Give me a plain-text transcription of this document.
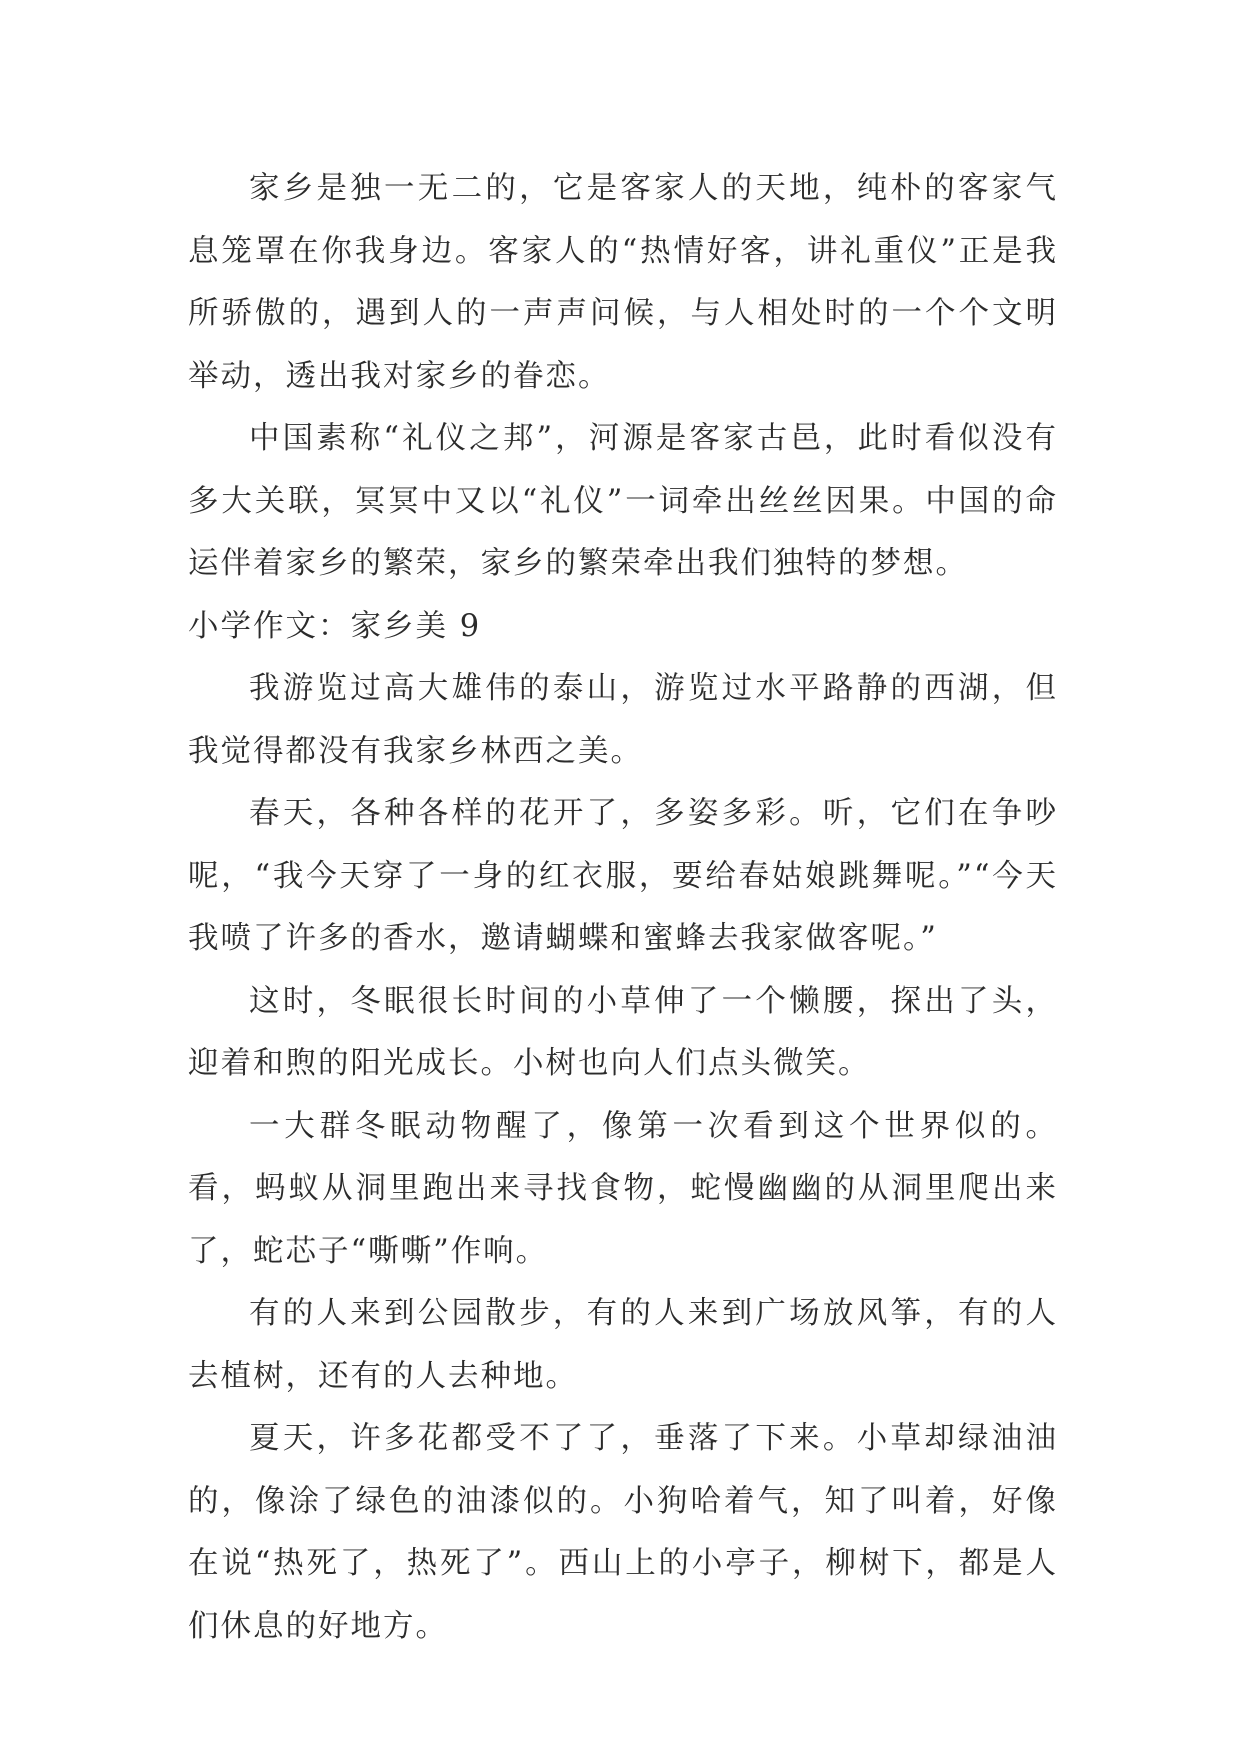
家乡是独一无二的，它是客家人的天地，纯朴的客家气息笼罩在你我身边。客家人的“热情好客，讲礼重仪”正是我所骄傲的，遇到人的一声声问候，与人相处时的一个个文明举动，透出我对家乡的眷恋。

中国素称“礼仪之邦”，河源是客家古邑，此时看似没有多大关联，冥冥中又以“礼仪”一词牵出丝丝因果。中国的命运伴着家乡的繁荣，家乡的繁荣牵出我们独特的梦想。

小学作文：家乡美 9

我游览过高大雄伟的泰山，游览过水平路静的西湖，但我觉得都没有我家乡林西之美。

春天，各种各样的花开了，多姿多彩。听，它们在争吵呢，“我今天穿了一身的红衣服，要给春姑娘跳舞呢。”“今天我喷了许多的香水，邀请蝴蝶和蜜蜂去我家做客呢。”

这时，冬眠很长时间的小草伸了一个懒腰，探出了头，迎着和煦的阳光成长。小树也向人们点头微笑。

一大群冬眠动物醒了，像第一次看到这个世界似的。看，蚂蚁从洞里跑出来寻找食物，蛇慢幽幽的从洞里爬出来了，蛇芯子“嘶嘶”作响。

有的人来到公园散步，有的人来到广场放风筝，有的人去植树，还有的人去种地。

夏天，许多花都受不了了，垂落了下来。小草却绿油油的，像涂了绿色的油漆似的。小狗哈着气，知了叫着，好像在说“热死了，热死了”。西山上的小亭子，柳树下，都是人们休息的好地方。
